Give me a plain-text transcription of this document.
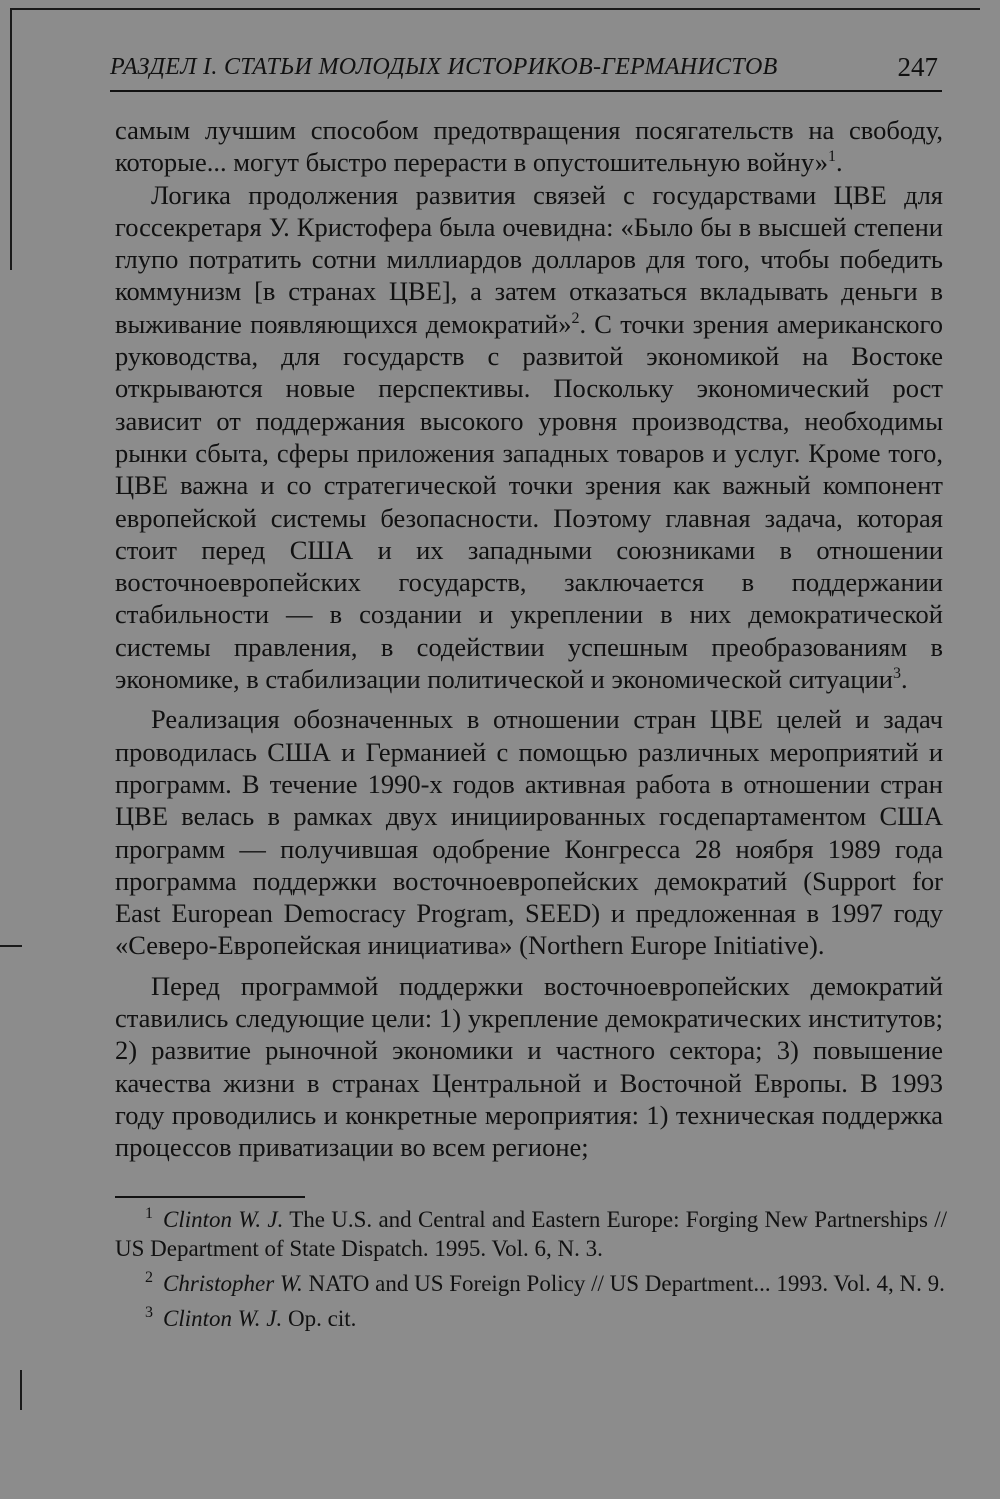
РАЗДЕЛ I. СТАТЬИ МОЛОДЫХ ИСТОРИКОВ-ГЕРМАНИСТОВ	247

самым лучшим способом предотвращения посягательств на свободу, которые... могут быстро перерасти в опустошительную войну»$^1$.

Логика продолжения развития связей с государствами ЦВЕ для госсекретаря У. Кристофера была очевидна: «Было бы в высшей степени глупо потратить сотни миллиардов долларов для того, чтобы победить коммунизм [в странах ЦВЕ], а затем отказаться вкладывать деньги в выживание появляющихся демократий»$^2$. С точки зрения американского руководства, для государств с развитой экономикой на Востоке открываются новые перспективы. Поскольку экономический рост зависит от поддержания высокого уровня производства, необходимы рынки сбыта, сферы приложения западных товаров и услуг. Кроме того, ЦВЕ важна и со стратегической точки зрения как важный компонент европейской системы безопасности. Поэтому главная задача, которая стоит перед США и их западными союзниками в отношении восточноевропейских государств, заключается в поддержании стабильности — в создании и укреплении в них демократической системы правления, в содействии успешным преобразованиям в экономике, в стабилизации политической и экономической ситуации$^3$.

Реализация обозначенных в отношении стран ЦВЕ целей и задач проводилась США и Германией с помощью различных мероприятий и программ. В течение 1990-х годов активная работа в отношении стран ЦВЕ велась в рамках двух инициированных госдепартаментом США программ — получившая одобрение Конгресса 28 ноября 1989 года программа поддержки восточноевропейских демократий (Support for East European Democracy Program, SEED) и предложенная в 1997 году «Северо-Европейская инициатива» (Northern Europe Initiative).

Перед программой поддержки восточноевропейских демократий ставились следующие цели: 1) укрепление демократических институтов; 2) развитие рыночной экономики и частного сектора; 3) повышение качества жизни в странах Центральной и Восточной Европы. В 1993 году проводились и конкретные мероприятия: 1) техническая поддержка процессов приватизации во всем регионе;

$^1$ Clinton W. J. The U.S. and Central and Eastern Europe: Forging New Partnerships // US Department of State Dispatch. 1995. Vol. 6, N. 3.

$^2$ Christopher W. NATO and US Foreign Policy // US Department... 1993. Vol. 4, N. 9.

$^3$ Clinton W. J. Op. cit.
